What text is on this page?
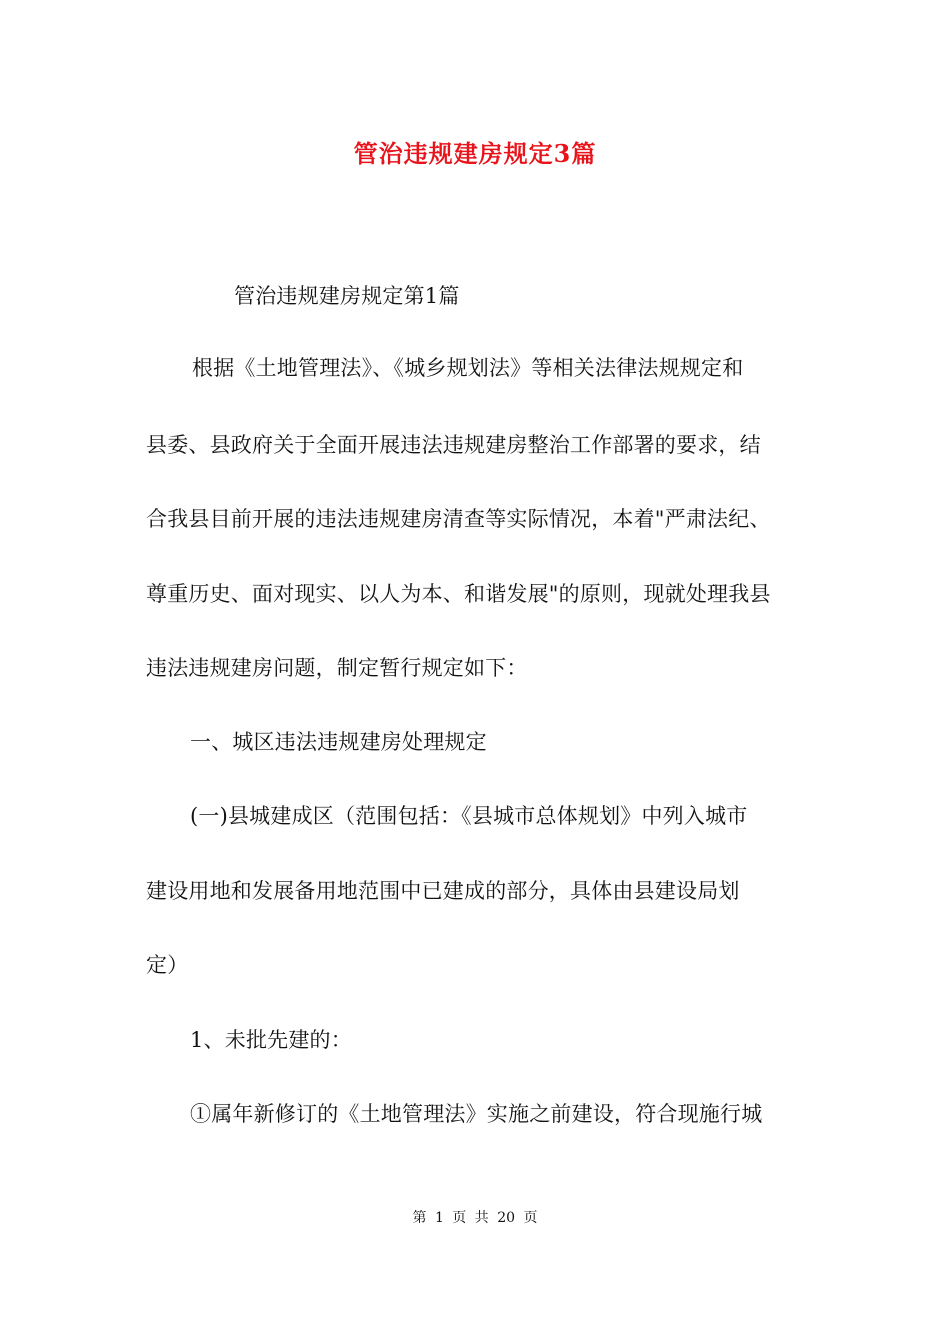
管治违规建房规定3篇
管治违规建房规定第1篇
根据《土地管理法》、《城乡规划法》等相关法律法规规定和
县委、县政府关于全面开展违法违规建房整治工作部署的要求，结
合我县目前开展的违法违规建房清查等实际情况，本着"严肃法纪、
尊重历史、面对现实、以人为本、和谐发展"的原则，现就处理我县
违法违规建房问题，制定暂行规定如下：
一、城区违法违规建房处理规定
(一)县城建成区（范围包括：《县城市总体规划》中列入城市
建设用地和发展备用地范围中已建成的部分，具体由县建设局划
定）
1、未批先建的：
①属年新修订的《土地管理法》实施之前建设，符合现施行城
第 1 页 共 20 页
